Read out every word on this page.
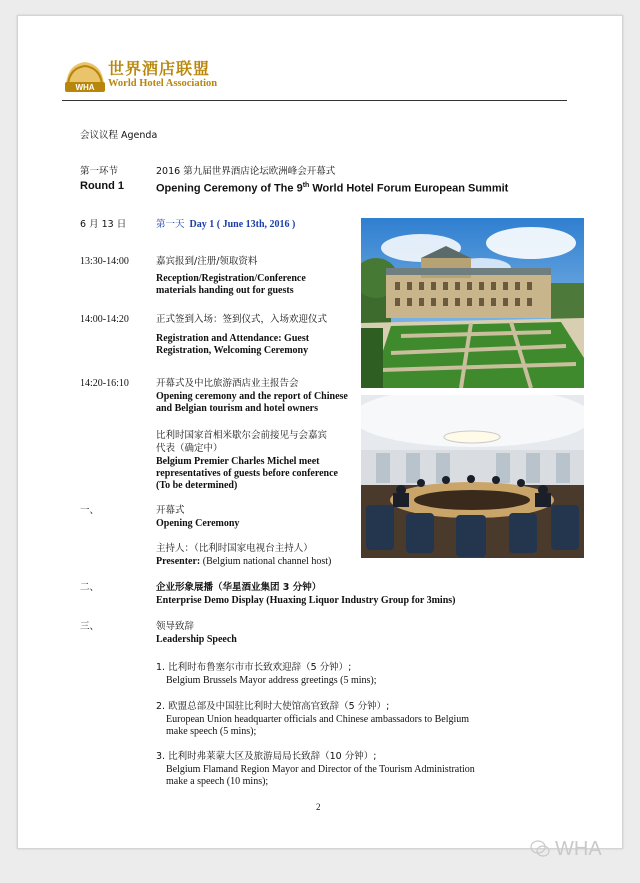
WHA
世界酒店联盟
World Hotel Association
会议议程 Agenda
第一环节
Round 1
2016 第九届世界酒店论坛欧洲峰会开幕式
Opening Ceremony of The 9th World Hotel Forum European Summit
6 月 13 日	第一天 Day 1 ( June 13th, 2016 )
13:30-14:00	嘉宾报到/注册/领取资料
Reception/Registration/Conference
materials handing out for guests
14:00-14:20	正式签到入场：签到仪式，入场欢迎仪式
Registration and Attendance: Guest
Registration, Welcoming Ceremony
14:20-16:10	开幕式及中比旅游酒店业主报告会
Opening ceremony and the report of Chinese
and Belgian tourism and hotel owners
比利时国家首相米歇尔会前接见与会嘉宾
代表（确定中）
Belgium Premier Charles Michel meet
representatives of guests before conference
(To be determined)
一、	开幕式
Opening Ceremony
主持人：（比利时国家电视台主持人）
Presenter: (Belgium national channel host)
二、	企业形象展播（华星酒业集团 3 分钟）
Enterprise Demo Display (Huaxing Liquor Industry Group for 3mins)
三、	领导致辞
Leadership Speech
1. 比利时布鲁塞尔市市长致欢迎辞（5 分钟）;
Belgium Brussels Mayor address greetings (5 mins);
2. 欧盟总部及中国驻比利时大使馆高官致辞（5 分钟）;
European Union headquarter officials and Chinese ambassadors to Belgium
make speech (5 mins);
3. 比利时弗莱蒙大区及旅游局局长致辞（10 分钟）;
Belgium Flamand Region Mayor and Director of the Tourism Administration
make a speech (10 mins);
2
WHA
